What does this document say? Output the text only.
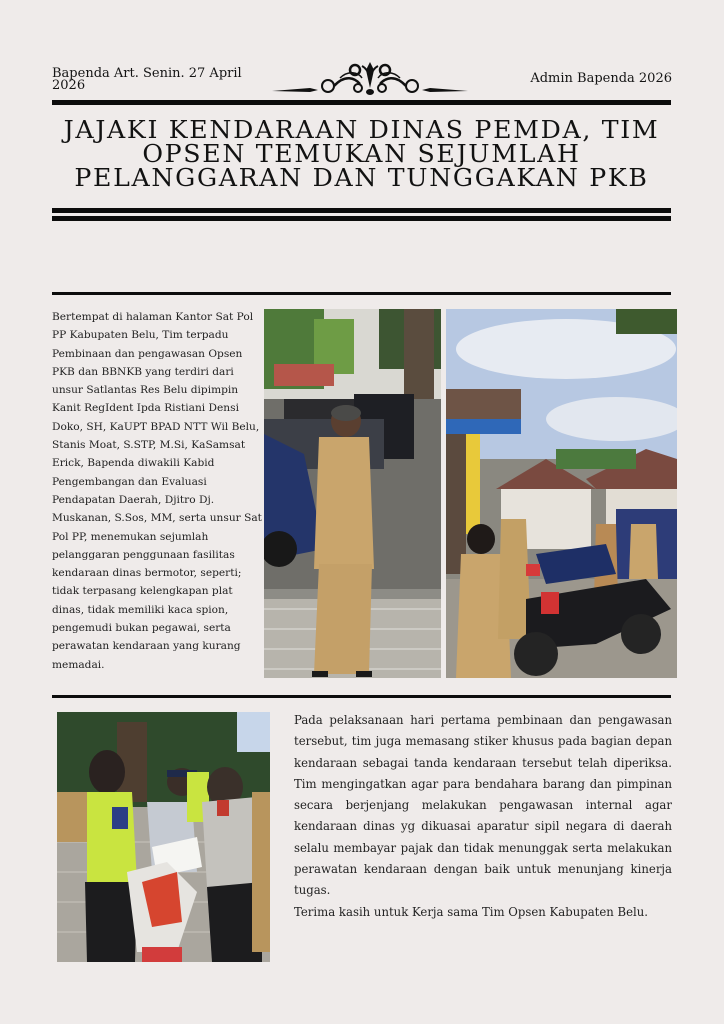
Bapenda Art. Senin. 27 April 2026	Admin Bapenda 2026
JAJAKI KENDARAAN DINAS PEMDA, TIM OPSEN TEMUKAN SEJUMLAH PELANGGARAN DAN TUNGGAKAN PKB
Bertempat di halaman Kantor Sat Pol PP Kabupaten Belu, Tim terpadu Pembinaan dan pengawasan Opsen PKB dan BBNKB yang terdiri dari unsur Satlantas Res Belu dipimpin Kanit RegIdent Ipda Ristiani Densi Doko, SH, KaUPT BPAD NTT Wil Belu, Stanis Moat, S.STP, M.Si, KaSamsat Erick, Bapenda diwakili Kabid Pengembangan dan Evaluasi Pendapatan Daerah, Djitro Dj. Muskanan, S.Sos, MM, serta unsur Sat Pol PP, menemukan sejumlah pelanggaran penggunaan fasilitas kendaraan dinas bermotor, seperti; tidak terpasang kelengkapan plat dinas, tidak memiliki kaca spion, pengemudi bukan pegawai, serta perawatan kendaraan yang kurang memadai.

Pada pelaksanaan hari pertama pembinaan dan pengawasan tersebut, tim juga memasang stiker khusus pada bagian depan kendaraan sebagai tanda kendaraan tersebut telah diperiksa. Tim mengingatkan agar para bendahara barang dan pimpinan secara berjenjang melakukan pengawasan internal agar kendaraan dinas yg dikuasai aparatur sipil negara di daerah selalu membayar pajak dan tidak menunggak serta melakukan perawatan kendaraan dengan baik untuk menunjang kinerja tugas.

Terima kasih untuk Kerja sama Tim Opsen Kabupaten Belu.
